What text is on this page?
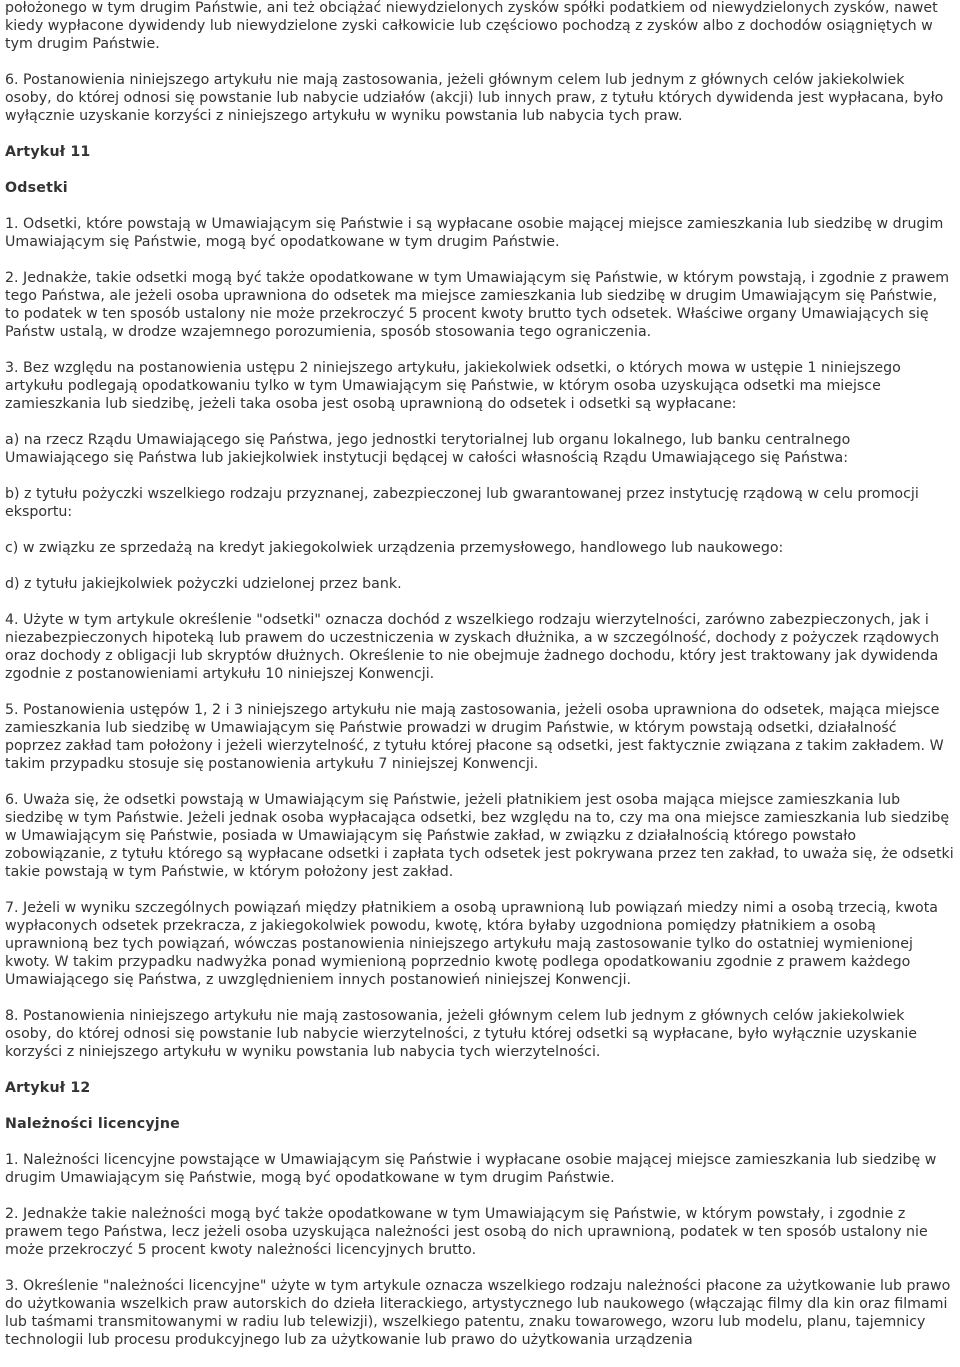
położonego w tym drugim Państwie, ani też obciążać niewydzielonych zysków spółki podatkiem od niewydzielonych zysków, nawet kiedy wypłacone dywidendy lub niewydzielone zyski całkowicie lub częściowo pochodzą z zysków albo z dochodów osiągniętych w tym drugim Państwie.

6. Postanowienia niniejszego artykułu nie mają zastosowania, jeżeli głównym celem lub jednym z głównych celów jakiekolwiek osoby, do której odnosi się powstanie lub nabycie udziałów (akcji) lub innych praw, z tytułu których dywidenda jest wypłacana, było wyłącznie uzyskanie korzyści z niniejszego artykułu w wyniku powstania lub nabycia tych praw.

Artykuł 11
Odsetki

1. Odsetki, które powstają w Umawiającym się Państwie i są wypłacane osobie mającej miejsce zamieszkania lub siedzibę w drugim Umawiającym się Państwie, mogą być opodatkowane w tym drugim Państwie.

2. Jednakże, takie odsetki mogą być także opodatkowane w tym Umawiającym się Państwie, w którym powstają, i zgodnie z prawem tego Państwa, ale jeżeli osoba uprawniona do odsetek ma miejsce zamieszkania lub siedzibę w drugim Umawiającym się Państwie, to podatek w ten sposób ustalony nie może przekroczyć 5 procent kwoty brutto tych odsetek. Właściwe organy Umawiających się Państw ustalą, w drodze wzajemnego porozumienia, sposób stosowania tego ograniczenia.

3. Bez względu na postanowienia ustępu 2 niniejszego artykułu, jakiekolwiek odsetki, o których mowa w ustępie 1 niniejszego artykułu podlegają opodatkowaniu tylko w tym Umawiającym się Państwie, w którym osoba uzyskująca odsetki ma miejsce zamieszkania lub siedzibę, jeżeli taka osoba jest osobą uprawnioną do odsetek i odsetki są wypłacane:

a) na rzecz Rządu Umawiającego się Państwa, jego jednostki terytorialnej lub organu lokalnego, lub banku centralnego Umawiającego się Państwa lub jakiejkolwiek instytucji będącej w całości własnością Rządu Umawiającego się Państwa:

b) z tytułu pożyczki wszelkiego rodzaju przyznanej, zabezpieczonej lub gwarantowanej przez instytucję rządową w celu promocji eksportu:

c) w związku ze sprzedażą na kredyt jakiegokolwiek urządzenia przemysłowego, handlowego lub naukowego:

d) z tytułu jakiejkolwiek pożyczki udzielonej przez bank.

4. Użyte w tym artykule określenie "odsetki" oznacza dochód z wszelkiego rodzaju wierzytelności, zarówno zabezpieczonych, jak i niezabezpieczonych hipoteką lub prawem do uczestniczenia w zyskach dłużnika, a w szczególność, dochody z pożyczek rządowych oraz dochody z obligacji lub skryptów dłużnych. Określenie to nie obejmuje żadnego dochodu, który jest traktowany jak dywidenda zgodnie z postanowieniami artykułu 10 niniejszej Konwencji.

5. Postanowienia ustępów 1, 2 i 3 niniejszego artykułu nie mają zastosowania, jeżeli osoba uprawniona do odsetek, mająca miejsce zamieszkania lub siedzibę w Umawiającym się Państwie prowadzi w drugim Państwie, w którym powstają odsetki, działalność poprzez zakład tam położony i jeżeli wierzytelność, z tytułu której płacone są odsetki, jest faktycznie związana z takim zakładem. W takim przypadku stosuje się postanowienia artykułu 7 niniejszej Konwencji.

6. Uważa się, że odsetki powstają w Umawiającym się Państwie, jeżeli płatnikiem jest osoba mająca miejsce zamieszkania lub siedzibę w tym Państwie. Jeżeli jednak osoba wypłacająca odsetki, bez względu na to, czy ma ona miejsce zamieszkania lub siedzibę w Umawiającym się Państwie, posiada w Umawiającym się Państwie zakład, w związku z działalnością którego powstało zobowiązanie, z tytułu którego są wypłacane odsetki i zapłata tych odsetek jest pokrywana przez ten zakład, to uważa się, że odsetki takie powstają w tym Państwie, w którym położony jest zakład.

7. Jeżeli w wyniku szczególnych powiązań między płatnikiem a osobą uprawnioną lub powiązań miedzy nimi a osobą trzecią, kwota wypłaconych odsetek przekracza, z jakiegokolwiek powodu, kwotę, która byłaby uzgodniona pomiędzy płatnikiem a osobą uprawnioną bez tych powiązań, wówczas postanowienia niniejszego artykułu mają zastosowanie tylko do ostatniej wymienionej kwoty. W takim przypadku nadwyżka ponad wymienioną poprzednio kwotę podlega opodatkowaniu zgodnie z prawem każdego Umawiającego się Państwa, z uwzględnieniem innych postanowień niniejszej Konwencji.

8. Postanowienia niniejszego artykułu nie mają zastosowania, jeżeli głównym celem lub jednym z głównych celów jakiekolwiek osoby, do której odnosi się powstanie lub nabycie wierzytelności, z tytułu której odsetki są wypłacane, było wyłącznie uzyskanie korzyści z niniejszego artykułu w wyniku powstania lub nabycia tych wierzytelności.

Artykuł 12
Należności licencyjne

1. Należności licencyjne powstające w Umawiającym się Państwie i wypłacane osobie mającej miejsce zamieszkania lub siedzibę w drugim Umawiającym się Państwie, mogą być opodatkowane w tym drugim Państwie.

2. Jednakże takie należności mogą być także opodatkowane w tym Umawiającym się Państwie, w którym powstały, i zgodnie z prawem tego Państwa, lecz jeżeli osoba uzyskująca należności jest osobą do nich uprawnioną, podatek w ten sposób ustalony nie może przekroczyć 5 procent kwoty należności licencyjnych brutto.

3. Określenie "należności licencyjne" użyte w tym artykule oznacza wszelkiego rodzaju należności płacone za użytkowanie lub prawo do użytkowania wszelkich praw autorskich do dzieła literackiego, artystycznego lub naukowego (włączając filmy dla kin oraz filmami lub taśmami transmitowanymi w radiu lub telewizji), wszelkiego patentu, znaku towarowego, wzoru lub modelu, planu, tajemnicy technologii lub procesu produkcyjnego lub za użytkowanie lub prawo do użytkowania urządzenia
